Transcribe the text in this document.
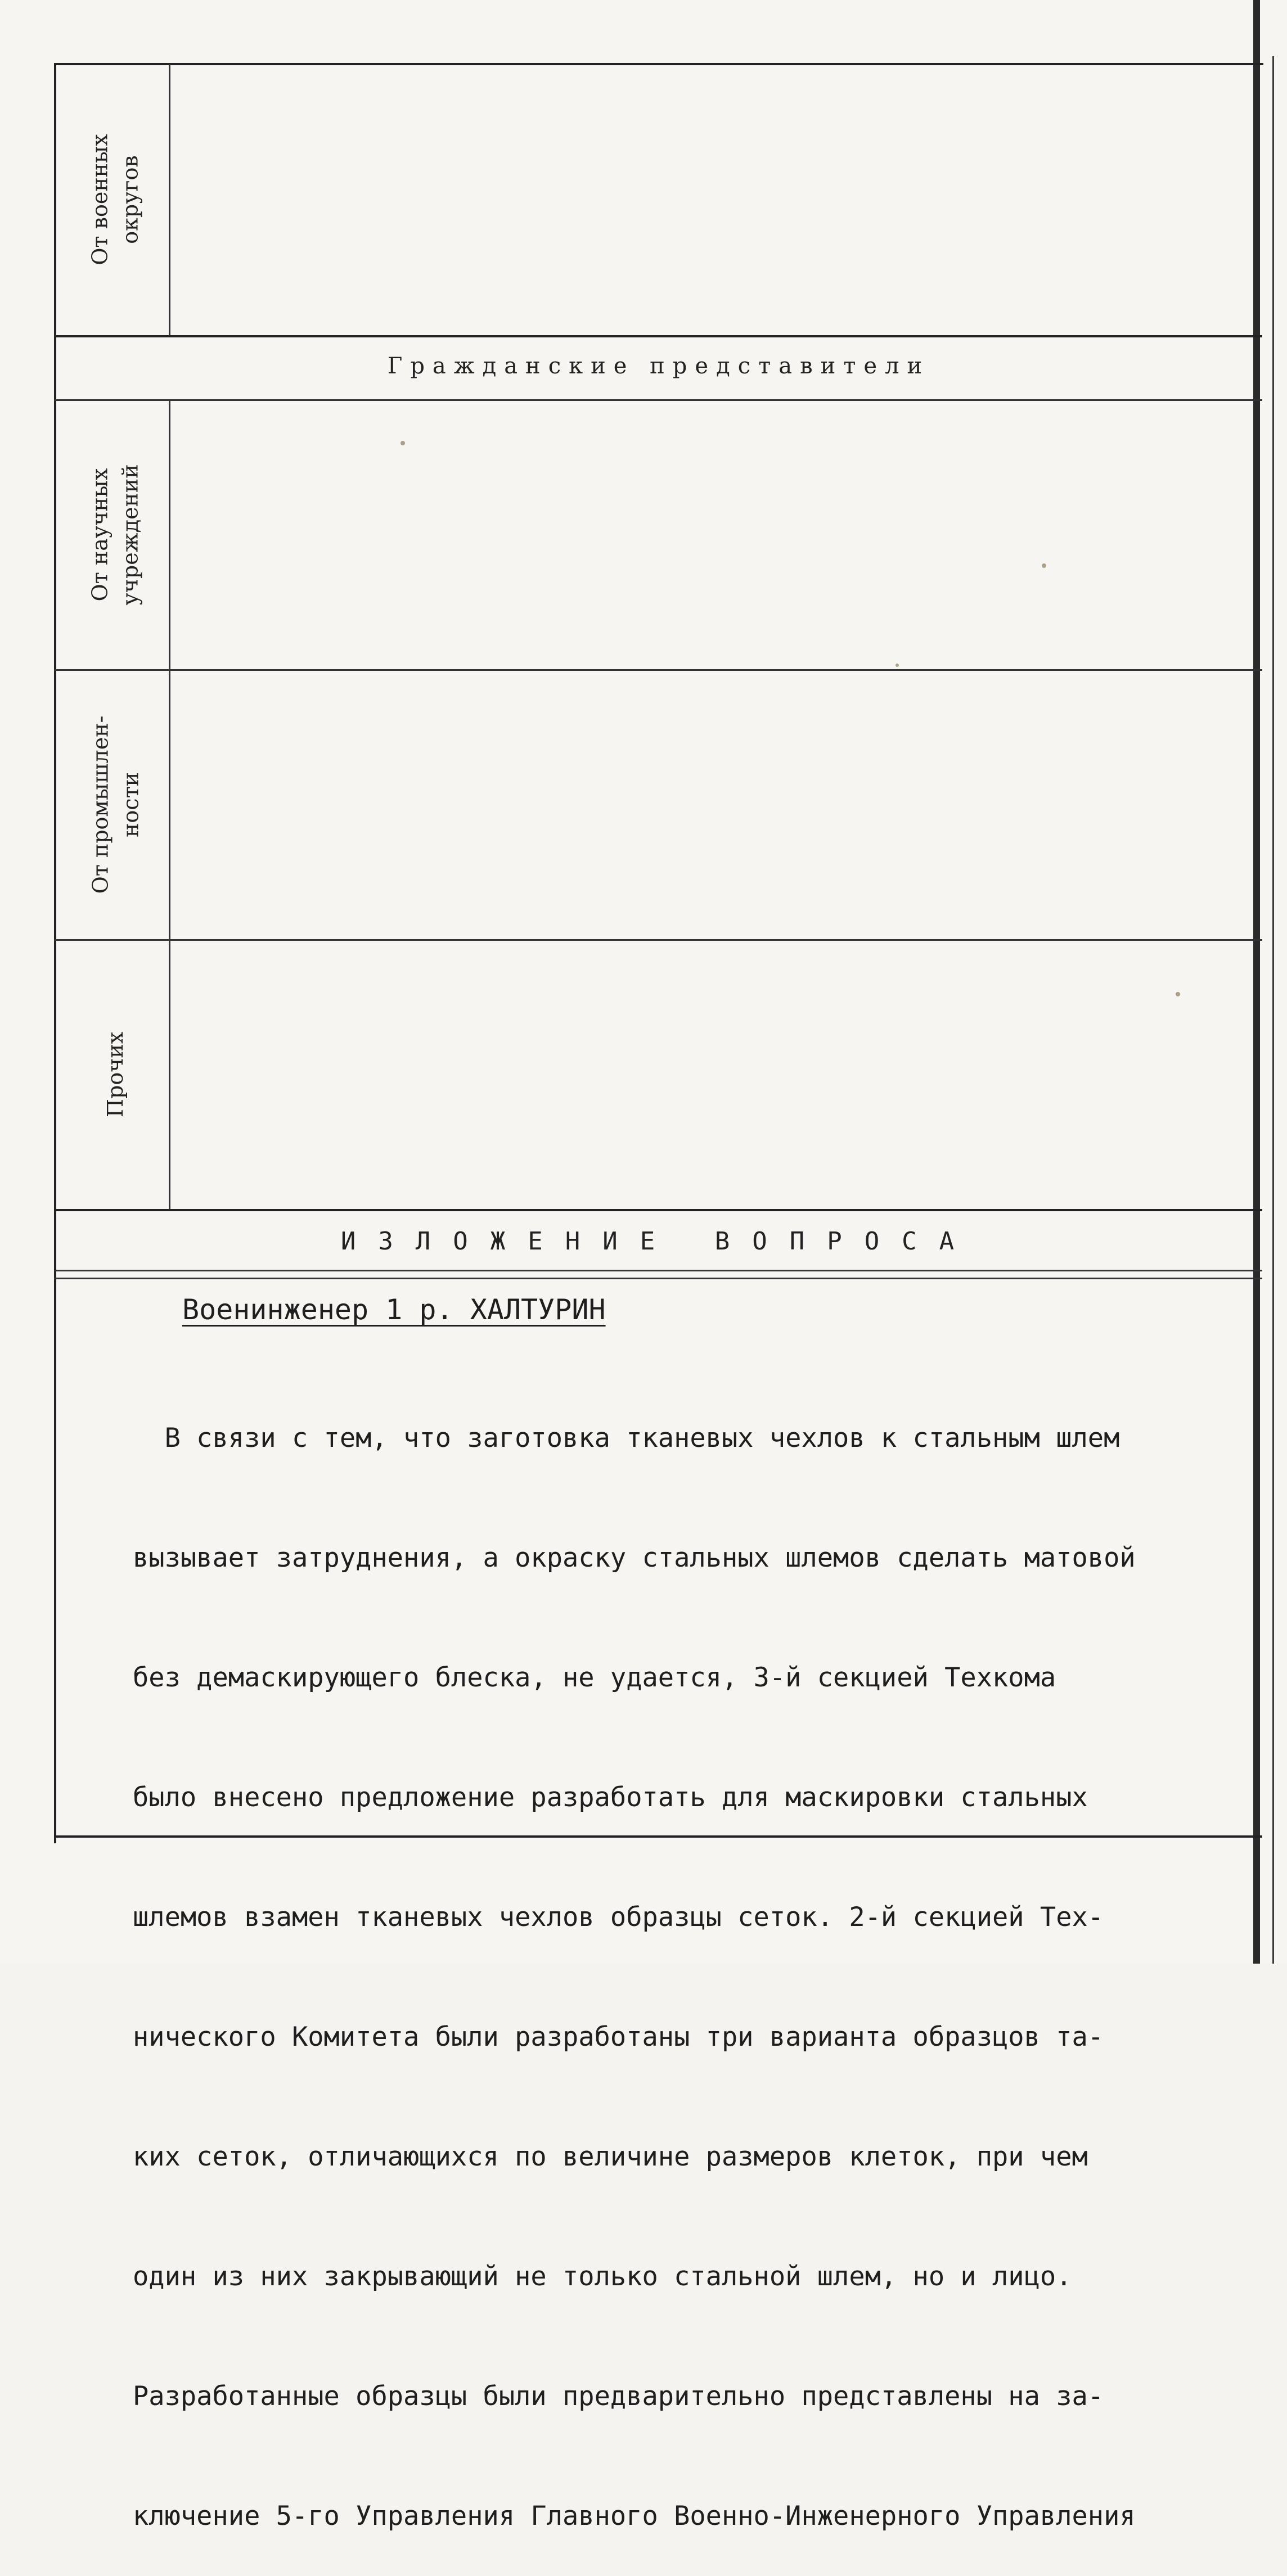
От военных
округов
Гражданские представители
От научных
учреждений
От промышлен-
ности
Прочих
ИЗЛОЖЕНИЕ ВОПРОСА
Военинженер 1 р. ХАЛТУРИН

В связи с тем, что заготовка тканевых чехлов к стальным шлем

вызывает затруднения, а окраску стальных шлемов сделать матовой

без демаскирующего блеска, не удается, 3-й секцией Техкома

было внесено предложение разработать для маскировки стальных

шлемов взамен тканевых чехлов образцы сеток. 2-й секцией Тех-

нического Комитета были разработаны три варианта образцов та-

ких сеток, отличающихся по величине размеров клеток, при чем

один из них закрывающий не только стальной шлем, но и лицо.

Разработанные образцы были предварительно представлены на за-

ключение 5-го Управления Главного Военно-Инженерного Управления
